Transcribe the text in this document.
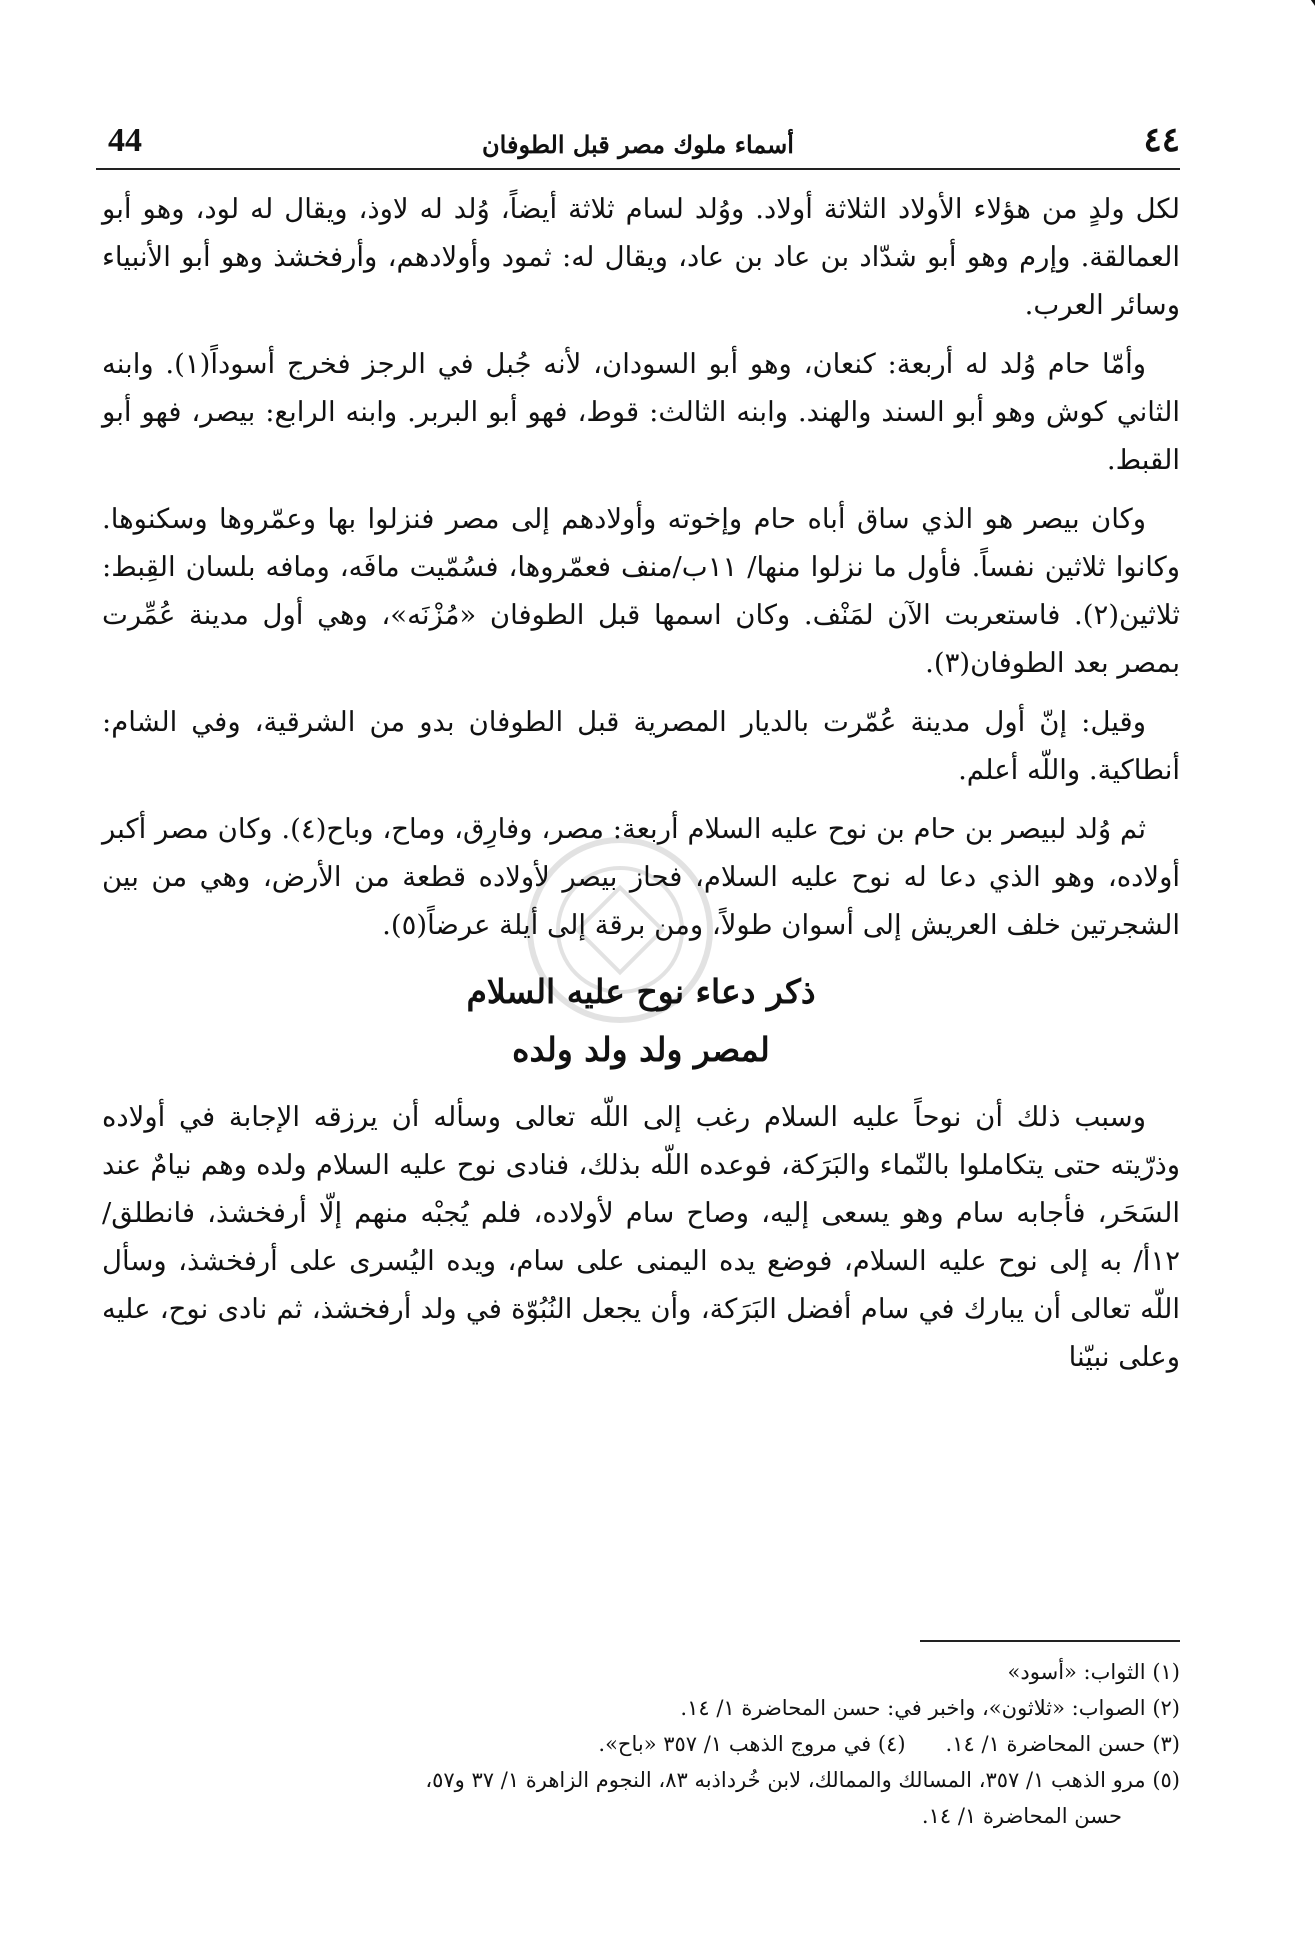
44	أسماء ملوك مصر قبل الطوفان	٤٤

لكل ولدٍ من هؤلاء الأولاد الثلاثة أولاد. ووُلد لسام ثلاثة أيضاً، وُلد له لاوذ، ويقال له لود، وهو أبو العمالقة. وإرم وهو أبو شدّاد بن عاد بن عاد، ويقال له: ثمود وأولادهم، وأرفخشذ وهو أبو الأنبياء وسائر العرب.

وأمّا حام وُلد له أربعة: كنعان، وهو أبو السودان، لأنه جُبل في الرجز فخرج أسوداً(١). وابنه الثاني كوش وهو أبو السند والهند. وابنه الثالث: قوط، فهو أبو البربر. وابنه الرابع: بيصر، فهو أبو القبط.

وكان بيصر هو الذي ساق أباه حام وإخوته وأولادهم إلى مصر فنزلوا بها وعمّروها وسكنوها. وكانوا ثلاثين نفساً. فأول ما نزلوا منها/ ١١ب/منف فعمّروها، فسُمّيت مافَه، ومافه بلسان القِبط: ثلاثين(٢). فاستعربت الآن لمَنْف. وكان اسمها قبل الطوفان «مُزْنَه»، وهي أول مدينة عُمِّرت بمصر بعد الطوفان(٣).

وقيل: إنّ أول مدينة عُمّرت بالديار المصرية قبل الطوفان بدو من الشرقية، وفي الشام: أنطاكية. واللّه أعلم.

ثم وُلد لبيصر بن حام بن نوح عليه السلام أربعة: مصر، وفارِق، وماح، وباح(٤). وكان مصر أكبر أولاده، وهو الذي دعا له نوح عليه السلام، فحاز بيصر لأولاده قطعة من الأرض، وهي من بين الشجرتين خلف العريش إلى أسوان طولاً، ومن برقة إلى أيلة عرضاً(٥).

ذكر دعاء نوح عليه السلام
لمصر ولد ولد ولده

وسبب ذلك أن نوحاً عليه السلام رغب إلى اللّه تعالى وسأله أن يرزقه الإجابة في أولاده وذرّيته حتى يتكاملوا بالنّماء والبَرَكة، فوعده اللّه بذلك، فنادى نوح عليه السلام ولده وهم نيامٌ عند السَحَر، فأجابه سام وهو يسعى إليه، وصاح سام لأولاده، فلم يُجبْه منهم إلّا أرفخشذ، فانطلق/ ١٢أ/ به إلى نوح عليه السلام، فوضع يده اليمنى على سام، ويده اليُسرى على أرفخشذ، وسأل اللّه تعالى أن يبارك في سام أفضل البَرَكة، وأن يجعل النُبُوّة في ولد أرفخشذ، ثم نادى نوح، عليه وعلى نبيّنا

(١) الثواب: «أسود»
(٢) الصواب: «ثلاثون»، واخبر في: حسن المحاضرة ١/ ١٤.
(٣) حسن المحاضرة ١/ ١٤.
(٤) في مروج الذهب ١/ ٣٥٧ «باح».
(٥) مرو الذهب ١/ ٣٥٧، المسالك والممالك، لابن خُرداذبه ٨٣، النجوم الزاهرة ١/ ٣٧ و٥٧،
حسن المحاضرة ١/ ١٤.
